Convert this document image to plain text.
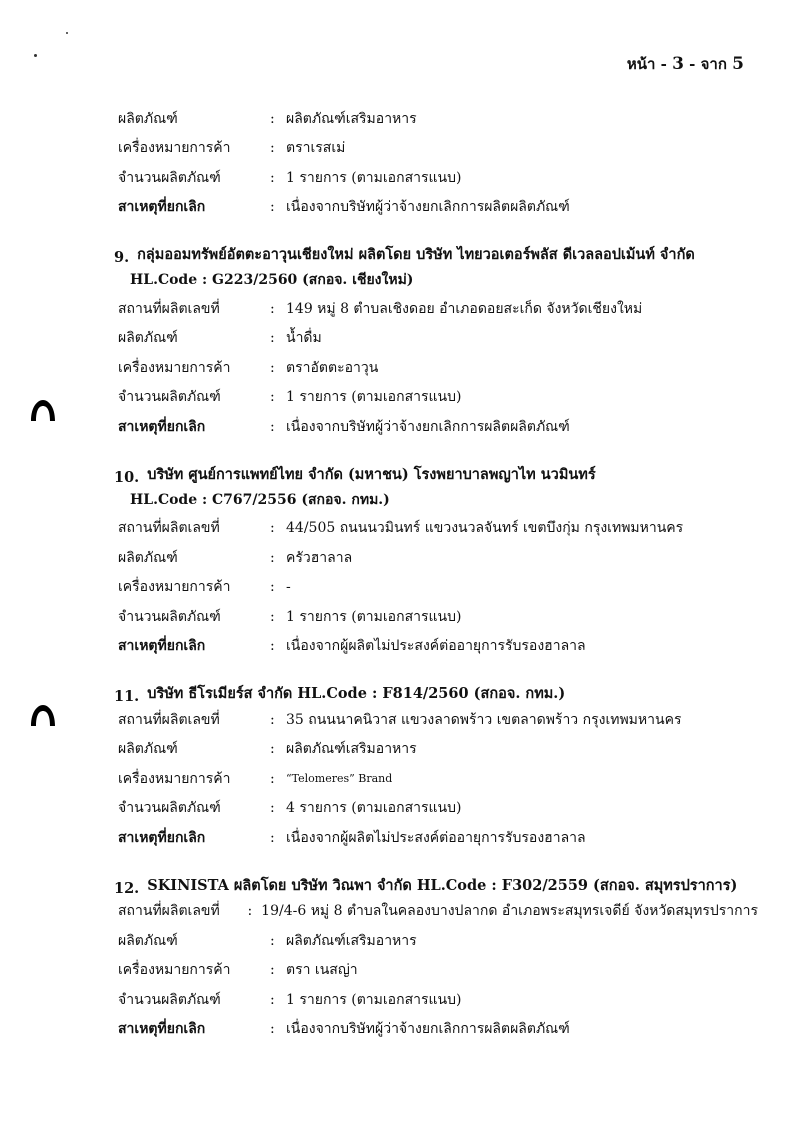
หน้า - 3 - จาก 5
ผลิตภัณฑ์	: ผลิตภัณฑ์เสริมอาหาร
เครื่องหมายการค้า	: ตราเรสเม่
จำนวนผลิตภัณฑ์	: 1 รายการ (ตามเอกสารแนบ)
สาเหตุที่ยกเลิก	: เนื่องจากบริษัทผู้ว่าจ้างยกเลิกการผลิตผลิตภัณฑ์
9. กลุ่มออมทรัพย์อัตตะอาวุนเชียงใหม่ ผลิตโดย บริษัท ไทยวอเตอร์พลัส ดีเวลลอปเม้นท์ จำกัด
HL.Code : G223/2560 (สกอจ. เชียงใหม่)
สถานที่ผลิตเลขที่	: 149 หมู่ 8 ตำบลเชิงดอย อำเภอดอยสะเก็ด จังหวัดเชียงใหม่
ผลิตภัณฑ์	: น้ำดื่ม
เครื่องหมายการค้า	: ตราอัตตะอาวุน
จำนวนผลิตภัณฑ์	: 1 รายการ (ตามเอกสารแนบ)
สาเหตุที่ยกเลิก	: เนื่องจากบริษัทผู้ว่าจ้างยกเลิกการผลิตผลิตภัณฑ์
10. บริษัท ศูนย์การแพทย์ไทย จำกัด (มหาชน) โรงพยาบาลพญาไท นวมินทร์
HL.Code : C767/2556 (สกอจ. กทม.)
สถานที่ผลิตเลขที่	: 44/505 ถนนนวมินทร์ แขวงนวลจันทร์ เขตบึงกุ่ม กรุงเทพมหานคร
ผลิตภัณฑ์	: ครัวฮาลาล
เครื่องหมายการค้า	: -
จำนวนผลิตภัณฑ์	: 1 รายการ (ตามเอกสารแนบ)
สาเหตุที่ยกเลิก	: เนื่องจากผู้ผลิตไม่ประสงค์ต่ออายุการรับรองฮาลาล
11. บริษัท ธีโรเมียร์ส จำกัด HL.Code : F814/2560 (สกอจ. กทม.)
สถานที่ผลิตเลขที่	: 35 ถนนนาคนิวาส แขวงลาดพร้าว เขตลาดพร้าว กรุงเทพมหานคร
ผลิตภัณฑ์	: ผลิตภัณฑ์เสริมอาหาร
เครื่องหมายการค้า	:	“Telomeres” Brand
จำนวนผลิตภัณฑ์	: 4 รายการ (ตามเอกสารแนบ)
สาเหตุที่ยกเลิก	: เนื่องจากผู้ผลิตไม่ประสงค์ต่ออายุการรับรองฮาลาล
12. SKINISTA ผลิตโดย บริษัท วิณพา จำกัด HL.Code : F302/2559 (สกอจ. สมุทรปราการ)
สถานที่ผลิตเลขที่	: 19/4-6 หมู่ 8 ตำบลในคลองบางปลากด อำเภอพระสมุทรเจดีย์ จังหวัดสมุทรปราการ
ผลิตภัณฑ์	: ผลิตภัณฑ์เสริมอาหาร
เครื่องหมายการค้า	: ตรา เนสญ่า
จำนวนผลิตภัณฑ์	: 1 รายการ (ตามเอกสารแนบ)
สาเหตุที่ยกเลิก	: เนื่องจากบริษัทผู้ว่าจ้างยกเลิกการผลิตผลิตภัณฑ์
